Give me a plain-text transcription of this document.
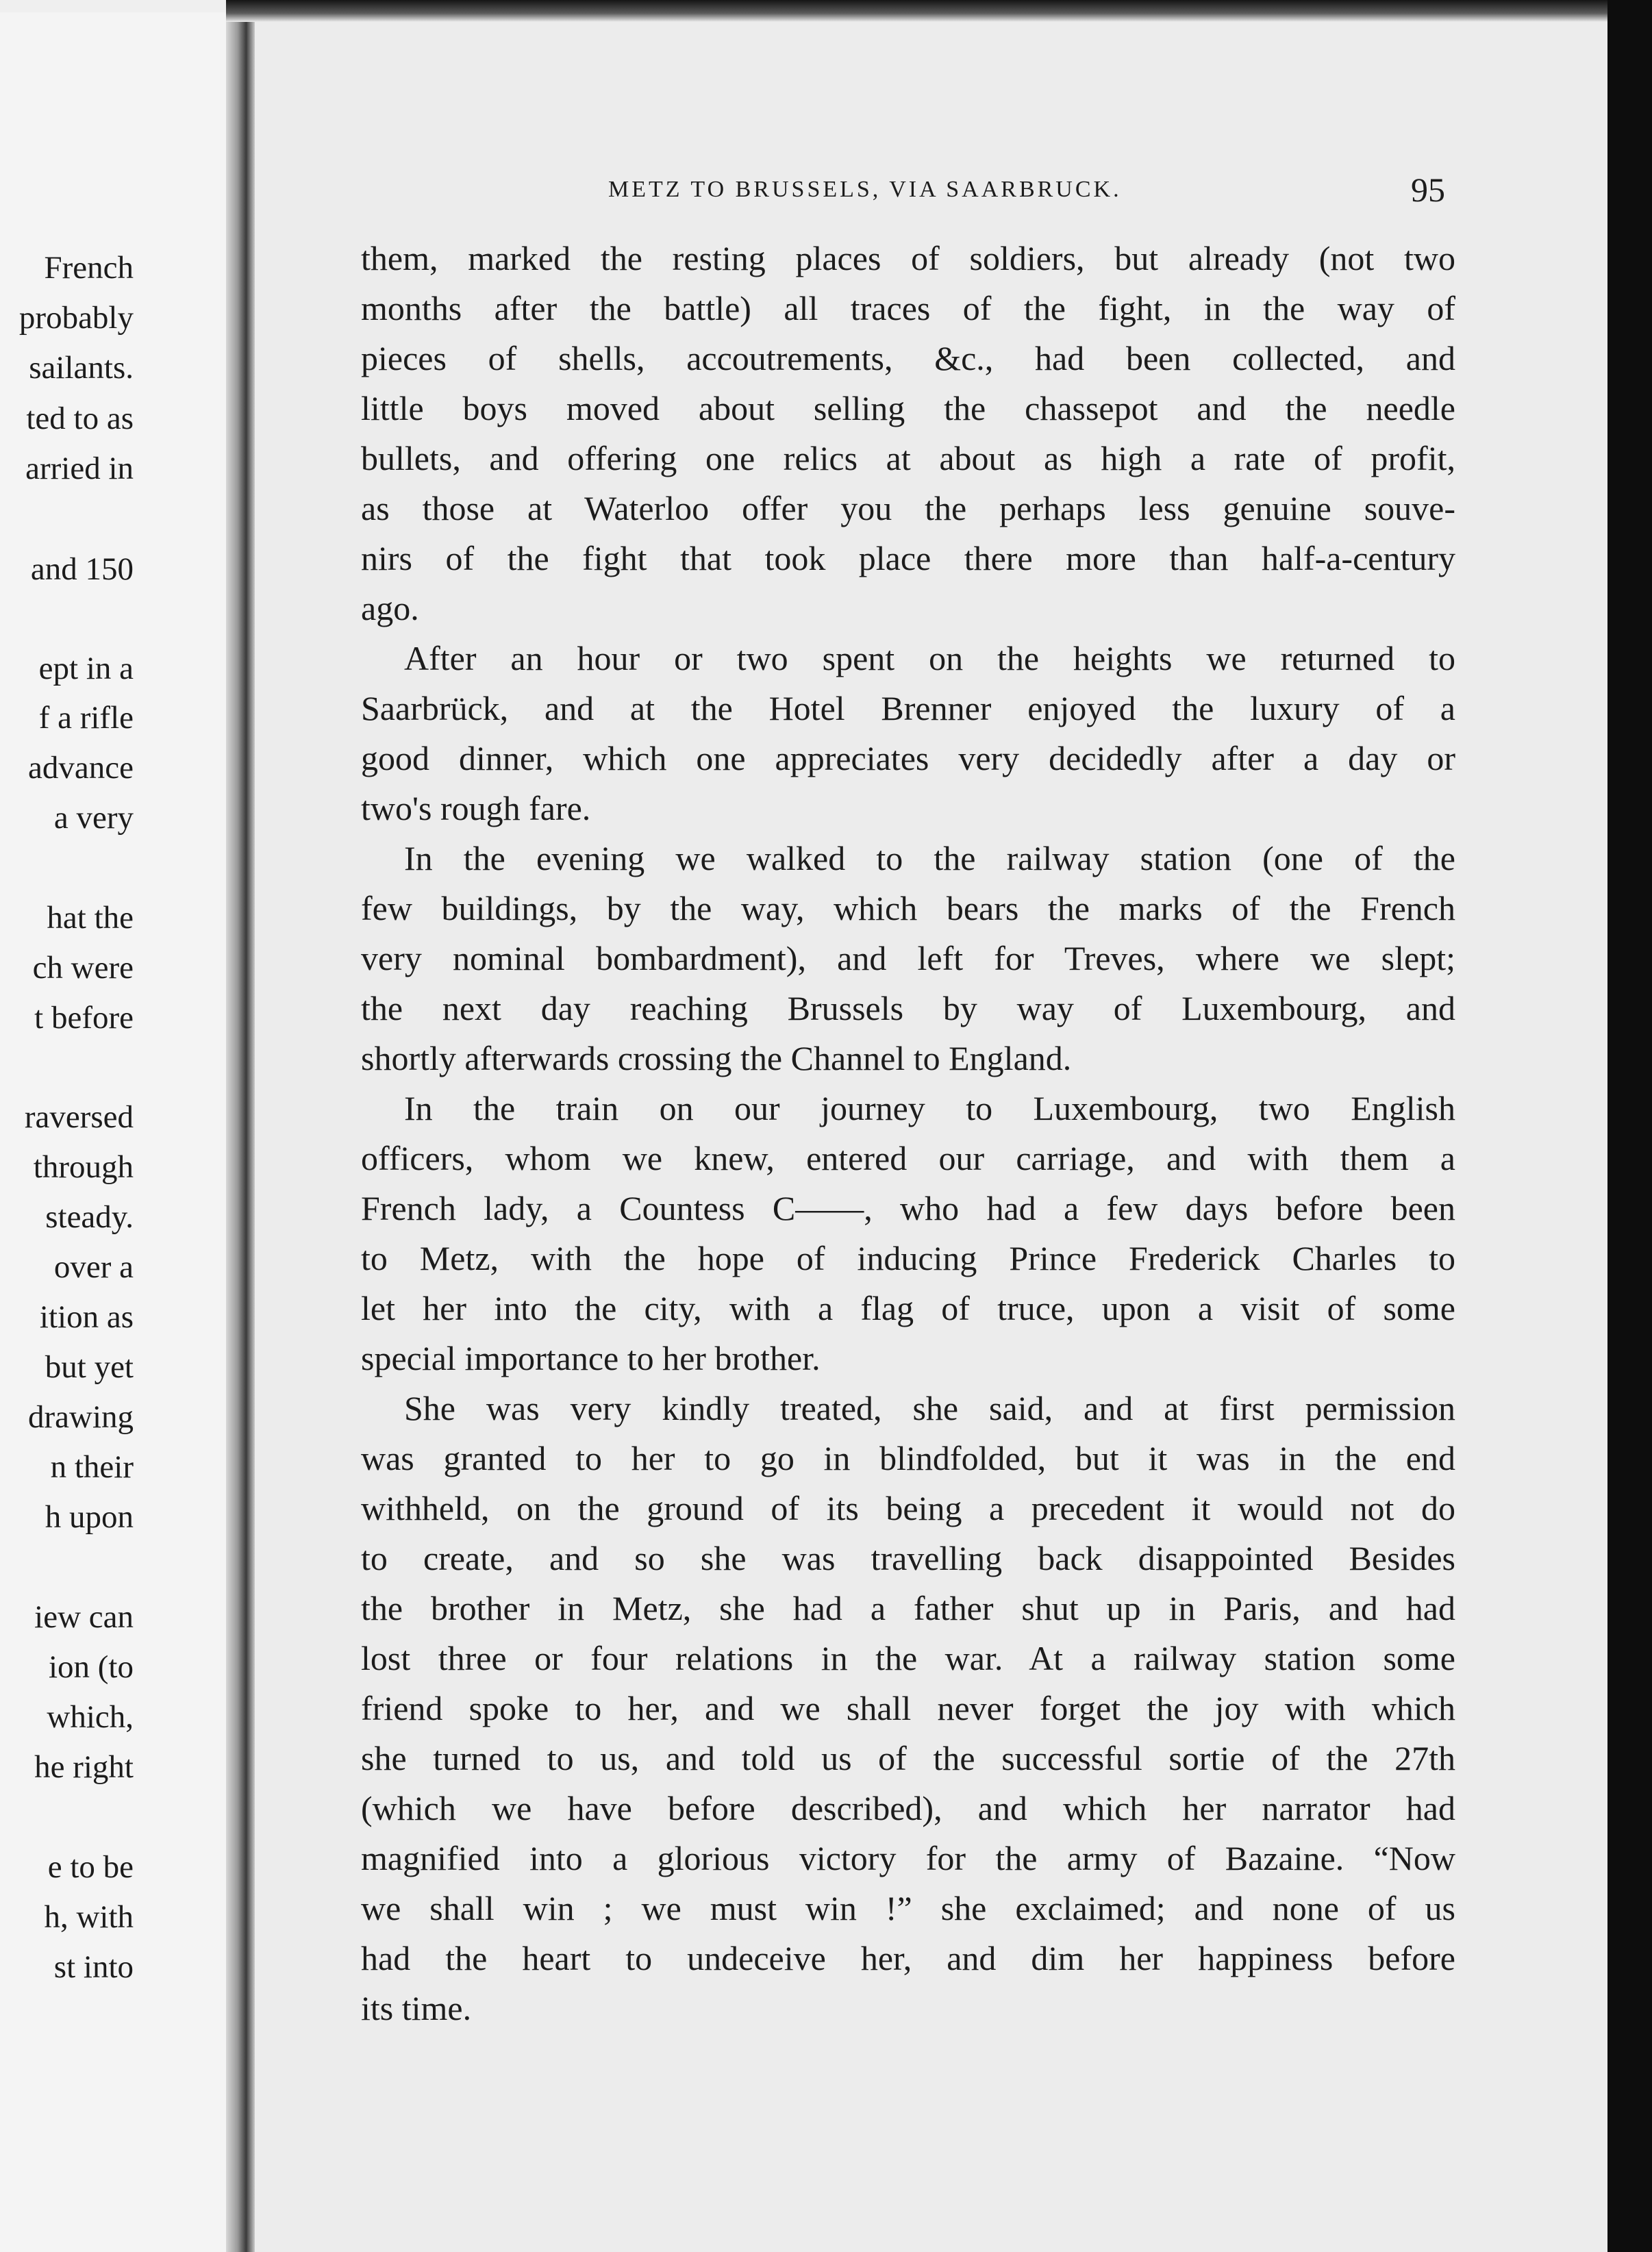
French
probably
sailants.
ted to as
arried in
and 150
ept in a
f a rifle
advance
a very
hat the
ch were
t before
raversed
through
steady.
over a
ition as
but yet
drawing
n their
h upon
iew can
ion (to
which,
he right
e to be
h, with
st into
METZ TO BRUSSELS, VIA SAARBRUCK.	95
them, marked the resting places of soldiers, but already (not two
months after the battle) all traces of the fight, in the way of
pieces of shells, accoutrements, &c., had been collected, and
little boys moved about selling the chassepot and the needle
bullets, and offering one relics at about as high a rate of profit,
as those at Waterloo offer you the perhaps less genuine souve-
nirs of the fight that took place there more than half-a-century
ago.
After an hour or two spent on the heights we returned to
Saarbrück, and at the Hotel Brenner enjoyed the luxury of a
good dinner, which one appreciates very decidedly after a day or
two's rough fare.
In the evening we walked to the railway station (one of the
few buildings, by the way, which bears the marks of the French
very nominal bombardment), and left for Treves, where we slept;
the next day reaching Brussels by way of Luxembourg, and
shortly afterwards crossing the Channel to England.
In the train on our journey to Luxembourg, two English
officers, whom we knew, entered our carriage, and with them a
French lady, a Countess C——, who had a few days before been
to Metz, with the hope of inducing Prince Frederick Charles to
let her into the city, with a flag of truce, upon a visit of some
special importance to her brother.
She was very kindly treated, she said, and at first permission
was granted to her to go in blindfolded, but it was in the end
withheld, on the ground of its being a precedent it would not do
to create, and so she was travelling back disappointed Besides
the brother in Metz, she had a father shut up in Paris, and had
lost three or four relations in the war. At a railway station some
friend spoke to her, and we shall never forget the joy with which
she turned to us, and told us of the successful sortie of the 27th
(which we have before described), and which her narrator had
magnified into a glorious victory for the army of Bazaine. “Now
we shall win ; we must win !” she exclaimed; and none of us
had the heart to undeceive her, and dim her happiness before
its time.
